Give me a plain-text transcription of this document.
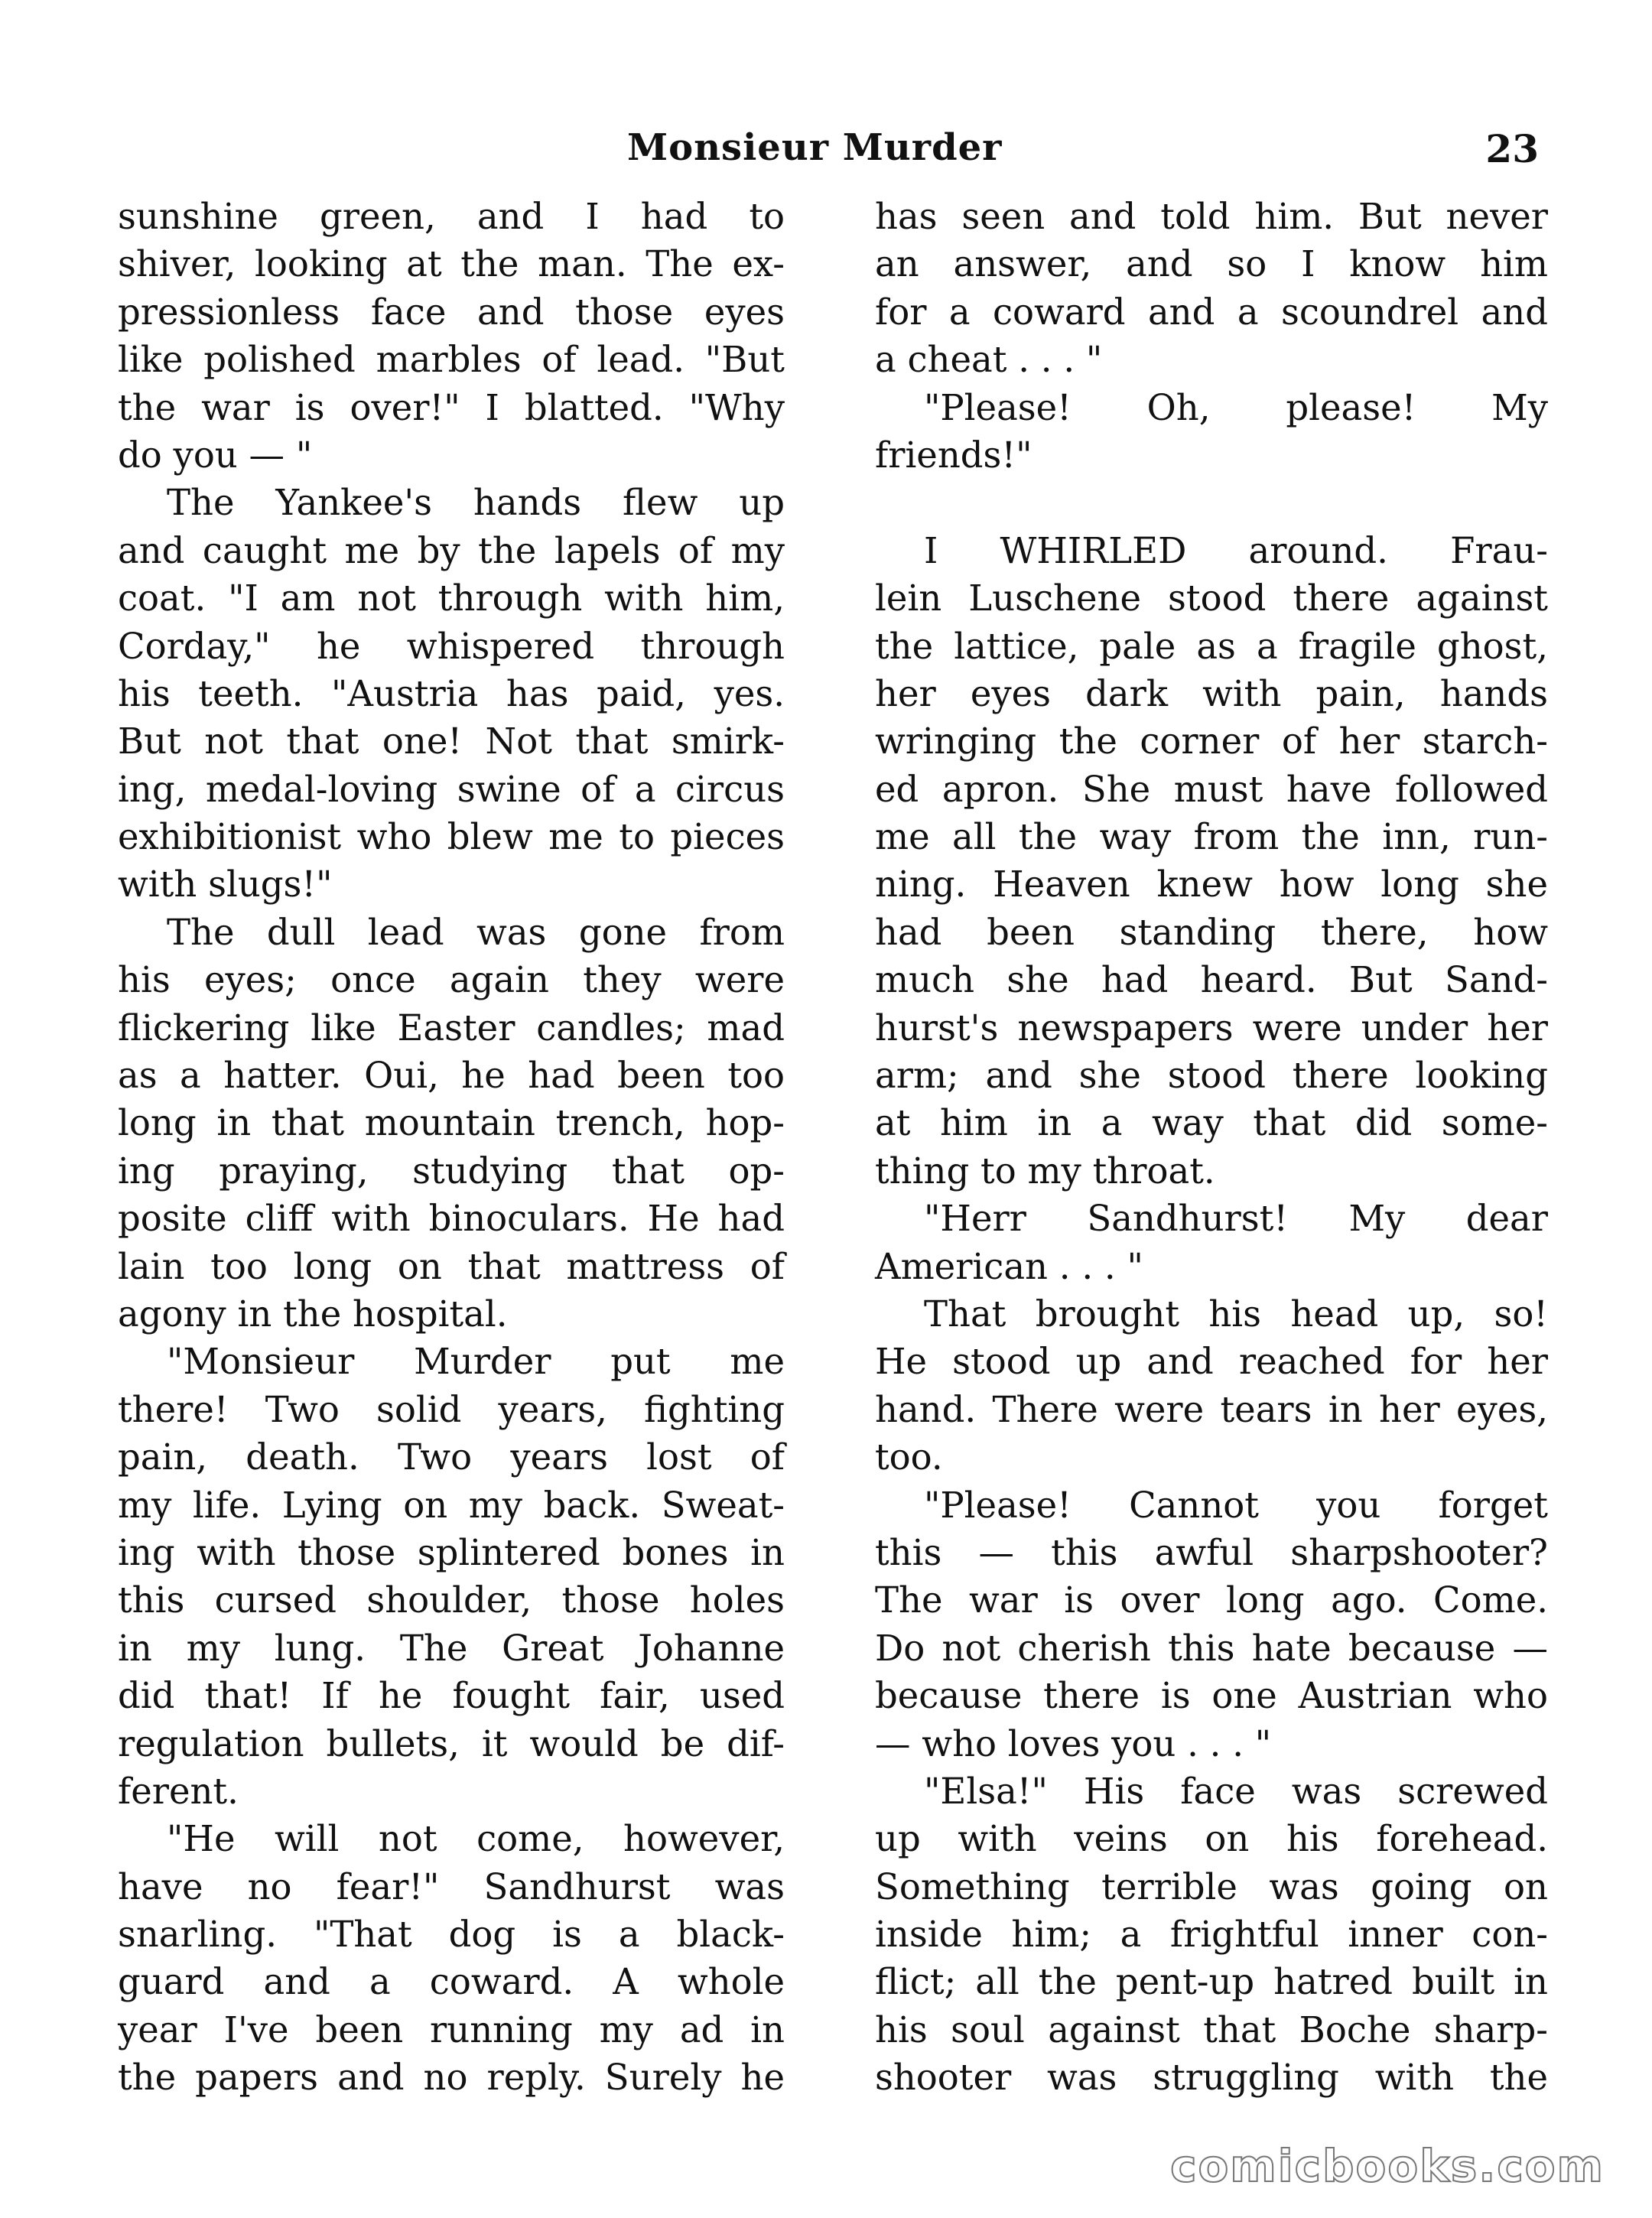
Monsieur Murder	23
sunshine green, and I had to
shiver, looking at the man. The ex-
pressionless face and those eyes
like polished marbles of lead. "But
the war is over!" I blatted. "Why
do you — "
The Yankee's hands flew up
and caught me by the lapels of my
coat. "I am not through with him,
Corday," he whispered through
his teeth. "Austria has paid, yes.
But not that one! Not that smirk-
ing, medal-loving swine of a circus
exhibitionist who blew me to pieces
with slugs!"
The dull lead was gone from
his eyes; once again they were
flickering like Easter candles; mad
as a hatter. Oui, he had been too
long in that mountain trench, hop-
ing praying, studying that op-
posite cliff with binoculars. He had
lain too long on that mattress of
agony in the hospital.
"Monsieur Murder put me
there! Two solid years, fighting
pain, death. Two years lost of
my life. Lying on my back. Sweat-
ing with those splintered bones in
this cursed shoulder, those holes
in my lung. The Great Johanne
did that! If he fought fair, used
regulation bullets, it would be dif-
ferent.
"He will not come, however,
have no fear!" Sandhurst was
snarling. "That dog is a black-
guard and a coward. A whole
year I've been running my ad in
the papers and no reply. Surely he
has seen and told him. But never
an answer, and so I know him
for a coward and a scoundrel and
a cheat . . . "
"Please! Oh, please! My
friends!"
I WHIRLED around. Frau-
lein Luschene stood there against
the lattice, pale as a fragile ghost,
her eyes dark with pain, hands
wringing the corner of her starch-
ed apron. She must have followed
me all the way from the inn, run-
ning. Heaven knew how long she
had been standing there, how
much she had heard. But Sand-
hurst's newspapers were under her
arm; and she stood there looking
at him in a way that did some-
thing to my throat.
"Herr Sandhurst! My dear
American . . . "
That brought his head up, so!
He stood up and reached for her
hand. There were tears in her eyes,
too.
"Please! Cannot you forget
this — this awful sharpshooter?
The war is over long ago. Come.
Do not cherish this hate because —
because there is one Austrian who
— who loves you . . . "
"Elsa!" His face was screwed
up with veins on his forehead.
Something terrible was going on
inside him; a frightful inner con-
flict; all the pent-up hatred built in
his soul against that Boche sharp-
shooter was struggling with the
comicbooks.com
